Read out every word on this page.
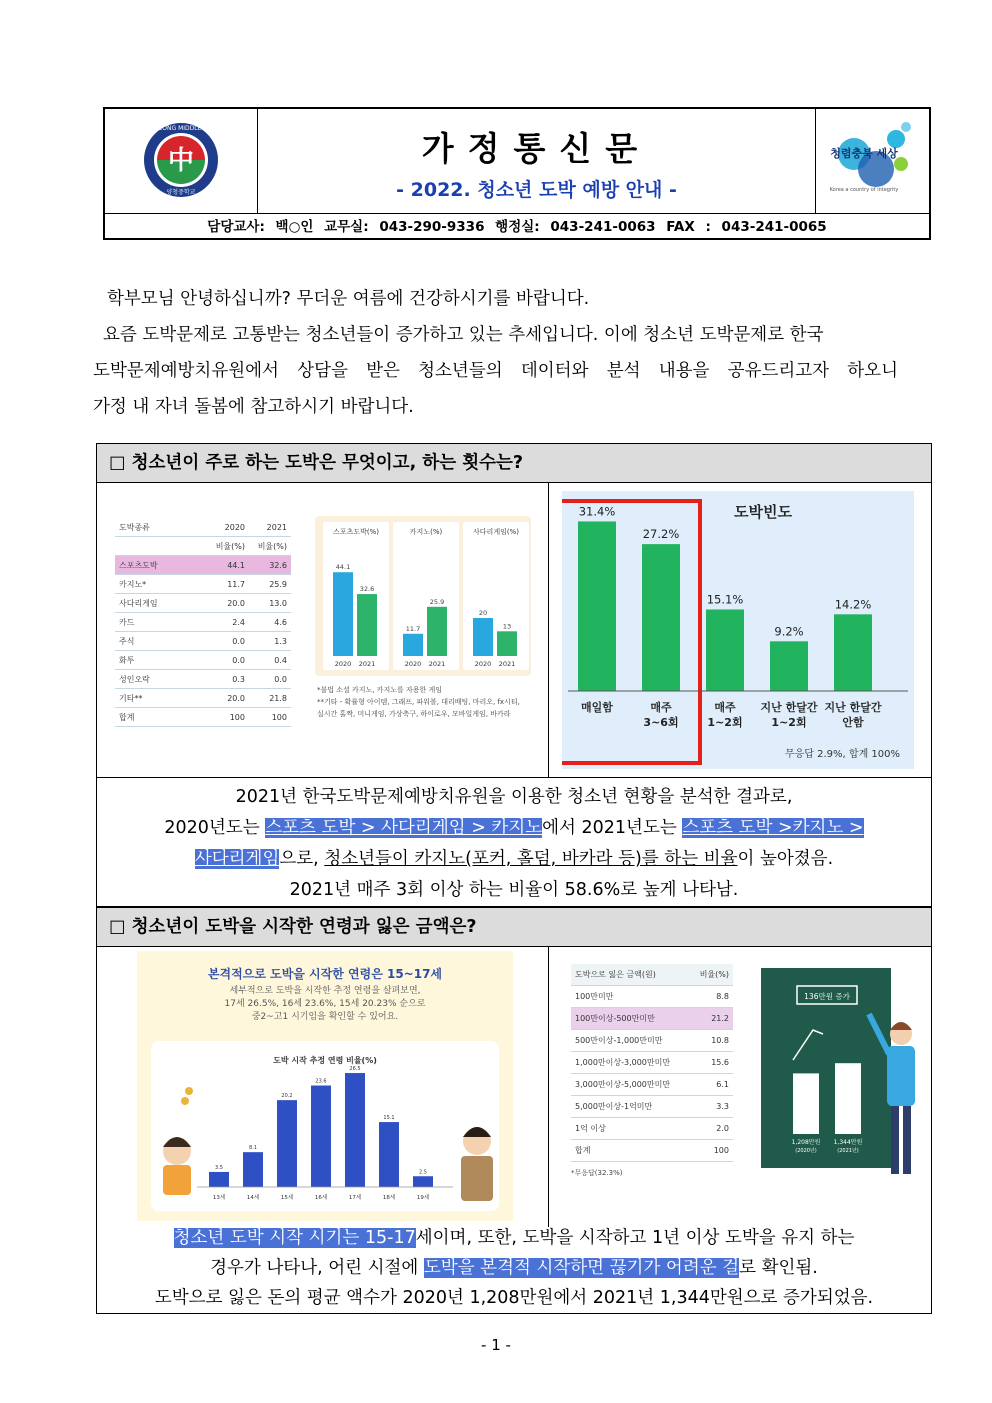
中
YANGCHEONG MIDDLE SCHOOL
양청중학교
가정통신문
- 2022. 청소년 도박 예방 안내 -
청렴충북 세상
Korea a country of integrity
담당교사: 백○인 교무실: 043-290-9336 행정실: 043-241-0063 FAX : 043-241-0065
학부모님 안녕하십니까? 무더운 여름에 건강하시기를 바랍니다.
요즘 도박문제로 고통받는 청소년들이 증가하고 있는 추세입니다. 이에 청소년 도박문제로 한국
도박문제예방치유원에서 상담을 받은 청소년들의 데이터와 분석 내용을 공유드리고자 하오니
가정 내 자녀 돌봄에 참고하시기 바랍니다.
□ 청소년이 주로 하는 도박은 무엇이고, 하는 횟수는?
도박종류	2020	2021
	비율(%)	비율(%)
스포츠도박	44.1	32.6
카지노*	11.7	25.9
사다리게임	20.0	13.0
카드	2.4	4.6
주식	0.0	1.3
화투	0.0	0.4
성인오락	0.3	0.0
기타**	20.0	21.8
합계	100	100
스포츠도박(%)
44.1
2020
32.6
2021
카지노(%)
11.7
2020
25.9
2021
사다리게임(%)
20
2020
13
2021
*불법 소셜 카지노, 카지노를 자용한 게임
**기타 - 확률형 아이템, 그래프, 파워볼, 대리배팅, 마리오, fx시티,
실시간 홀짝, 미니게임, 가상축구, 하이로우, 모바일게임, 바카라
도박빈도
31.4%
매일함
27.2%
매주
3~6회
15.1%
매주
1~2회
9.2%
지난 한달간
1~2회
14.2%
지난 한달간
안함
무응답 2.9%, 합계 100%
2021년 한국도박문제예방치유원을 이용한 청소년 현황을 분석한 결과로,
2020년도는 스포츠 도박 > 사다리게임 > 카지노에서 2021년도는 스포츠 도박 >카지노 >
사다리게임으로, 청소년들이 카지노(포커, 홀덤, 바카라 등)를 하는 비율이 높아졌음.
2021년 매주 3회 이상 하는 비율이 58.6%로 높게 나타남.
□ 청소년이 도박을 시작한 연령과 잃은 금액은?
본격적으로 도박을 시작한 연령은 15~17세
세부적으로 도박을 시작한 추정 연령을 살펴보면,
17세 26.5%, 16세 23.6%, 15세 20.23% 순으로
중2~고1 시기임을 확인할 수 있어요.
도박 시작 추정 연령 비율(%)
3.5
13세
8.1
14세
20.2
15세
23.6
16세
26.5
17세
15.1
18세
2.5
19세
도박으로 잃은 금액(원)	비율(%)
100만미만	8.8
100만이상-500만미만	21.2
500만이상-1,000만미만	10.8
1,000만이상-3,000만미만	15.6
3,000만이상-5,000만미만	6.1
5,000만이상-1억미만	3.3
1억 이상	2.0
합계	100
*무응답(32.3%)
136만원 증가
1,208만원
(2020년)
1,344만원
(2021년)
청소년 도박 시작 시기는 15-17세이며, 또한, 도박을 시작하고 1년 이상 도박을 유지 하는
경우가 나타나, 어린 시절에 도박을 본격적 시작하면 끊기가 어려운 걸로 확인됨.
도박으로 잃은 돈의 평균 액수가 2020년 1,208만원에서 2021년 1,344만원으로 증가되었음.
- 1 -
